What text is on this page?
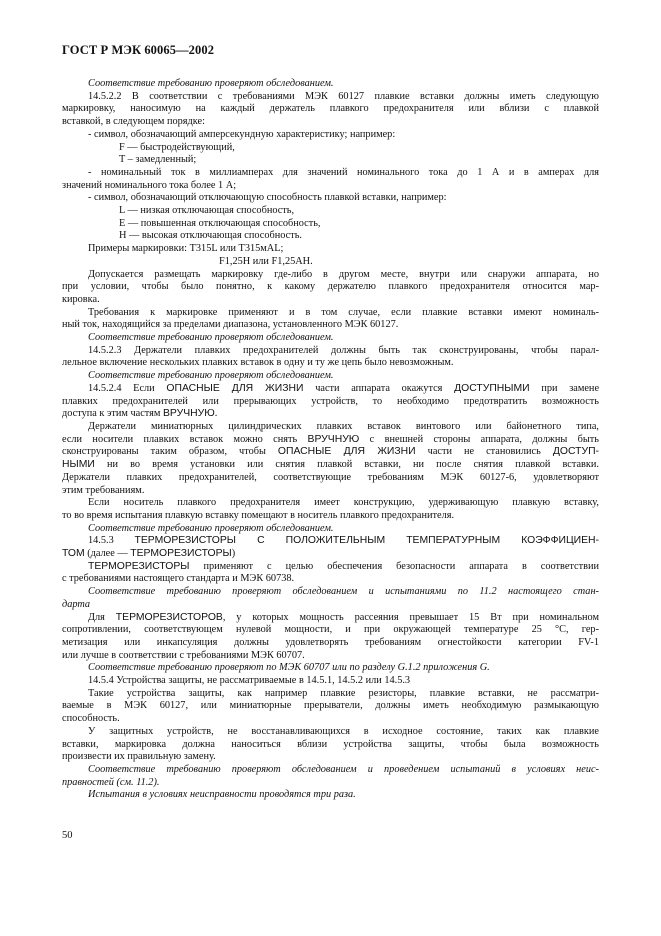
ГОСТ Р МЭК 60065—2002
Соответствие требованию проверяют обследованием.
14.5.2.2 В соответствии с требованиями МЭК 60127 плавкие вставки должны иметь следующую
маркировку, наносимую на каждый держатель плавкого предохранителя или вблизи с плавкой
вставкой, в следующем порядке:
- символ, обозначающий амперсекундную характеристику; например:
F — быстродействующий,
T – замедленный;
- номинальный ток в миллиамперах для значений номинального тока до 1 А и в амперах для
значений номинального тока более 1 А;
- символ, обозначающий отключающую способность плавкой вставки, например:
L — низкая отключающая способность,
E — повышенная отключающая способность,
H — высокая отключающая способность.
Примеры маркировки: T315L или T315мAL;
F1,25H или F1,25AH.
Допускается размещать маркировку где-либо в другом месте, внутри или снаружи аппарата, но
при условии, чтобы было понятно, к какому держателю плавкого предохранителя относится мар-
кировка.
Требования к маркировке применяют и в том случае, если плавкие вставки имеют номиналь-
ный ток, находящийся за пределами диапазона, установленного МЭК 60127.
Соответствие требованию проверяют обследованием.
14.5.2.3 Держатели плавких предохранителей должны быть так сконструированы, чтобы парал-
лельное включение нескольких плавких вставок в одну и ту же цепь было невозможным.
Соответствие требованию проверяют обследованием.
14.5.2.4 Если ОПАСНЫЕ ДЛЯ ЖИЗНИ части аппарата окажутся ДОСТУПНЫМИ при замене
плавких предохранителей или прерывающих устройств, то необходимо предотвратить возможность
доступа к этим частям ВРУЧНУЮ.
Держатели миниатюрных цилиндрических плавких вставок винтового или байонетного типа,
если носители плавких вставок можно снять ВРУЧНУЮ с внешней стороны аппарата, должны быть
сконструированы таким образом, чтобы ОПАСНЫЕ ДЛЯ ЖИЗНИ части не становились ДОСТУП-
НЫМИ ни во время установки или снятия плавкой вставки, ни после снятия плавкой вставки.
Держатели плавких предохранителей, соответствующие требованиям МЭК 60127-6, удовлетворяют
этим требованиям.
Если носитель плавкого предохранителя имеет конструкцию, удерживающую плавкую вставку,
то во время испытания плавкую вставку помещают в носитель плавкого предохранителя.
Соответствие требованию проверяют обследованием.
14.5.3 ТЕРМОРЕЗИСТОРЫ С ПОЛОЖИТЕЛЬНЫМ ТЕМПЕРАТУРНЫМ КОЭФФИЦИЕН-
ТОМ (далее — ТЕРМОРЕЗИСТОРЫ)
ТЕРМОРЕЗИСТОРЫ применяют с целью обеспечения безопасности аппарата в соответствии
с требованиями настоящего стандарта и МЭК 60738.
Соответствие требованию проверяют обследованием и испытаниями по 11.2 настоящего стан-
дарта
Для ТЕРМОРЕЗИСТОРОВ, у которых мощность рассеяния превышает 15 Вт при номинальном
сопротивлении, соответствующем нулевой мощности, и при окружающей температуре 25 °С, гер-
метизация или инкапсуляция должны удовлетворять требованиям огнестойкости категории FV-1
или лучше в соответствии с требованиями МЭК 60707.
Соответствие требованию проверяют по МЭК 60707 или по разделу G.1.2 приложения G.
14.5.4 Устройства защиты, не рассматриваемые в 14.5.1, 14.5.2 или 14.5.3
Такие устройства защиты, как например плавкие резисторы, плавкие вставки, не рассматри-
ваемые в МЭК 60127, или миниатюрные прерыватели, должны иметь необходимую размыкающую
способность.
У защитных устройств, не восстанавливающихся в исходное состояние, таких как плавкие
вставки, маркировка должна наноситься вблизи устройства защиты, чтобы была возможность
произвести их правильную замену.
Соответствие требованию проверяют обследованием и проведением испытаний в условиях неис-
правностей (см. 11.2).
Испытания в условиях неисправности проводятся три раза.
50
